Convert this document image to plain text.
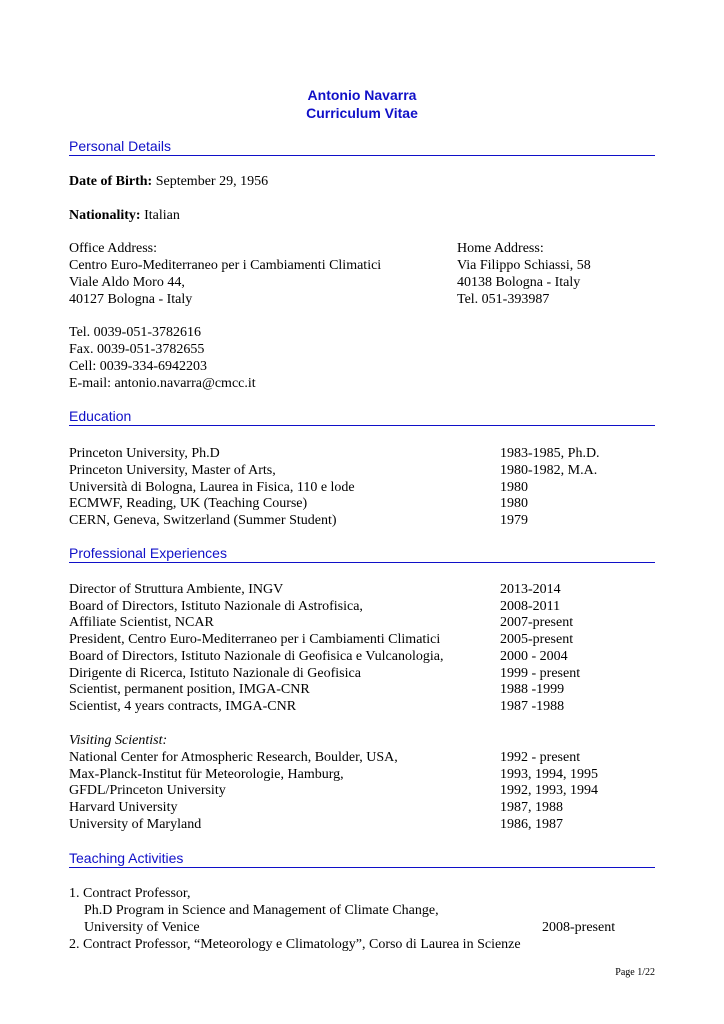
Antonio Navarra
Curriculum Vitae
Personal Details
Date of Birth: September 29, 1956
Nationality: Italian
Office Address:
Centro Euro-Mediterraneo per i Cambiamenti Climatici
Viale Aldo Moro 44,
40127 Bologna - Italy
Home Address:
Via Filippo Schiassi, 58
40138 Bologna - Italy
Tel. 051-393987
Tel. 0039-051-3782616
Fax. 0039-051-3782655
Cell: 0039-334-6942203
E-mail: antonio.navarra@cmcc.it
Education
Princeton University, Ph.D	1983-1985, Ph.D.
Princeton University, Master of Arts,	1980-1982, M.A.
Università di Bologna, Laurea in Fisica, 110 e lode	1980
ECMWF, Reading, UK (Teaching Course)	1980
CERN, Geneva, Switzerland (Summer Student)	1979
Professional Experiences
Director of Struttura Ambiente, INGV	2013-2014
Board of Directors, Istituto Nazionale di Astrofisica,	2008-2011
Affiliate Scientist, NCAR	2007-present
President, Centro Euro-Mediterraneo per i Cambiamenti Climatici	2005-present
Board of Directors, Istituto Nazionale di Geofisica e Vulcanologia,	2000 - 2004
Dirigente di Ricerca, Istituto Nazionale di Geofisica	1999 - present
Scientist, permanent position, IMGA-CNR	1988 -1999
Scientist, 4 years contracts, IMGA-CNR	1987 -1988
Visiting Scientist:
National Center for Atmospheric Research, Boulder, USA,	1992 - present
Max-Planck-Institut für Meteorologie, Hamburg,	1993, 1994, 1995
GFDL/Princeton University	1992, 1993, 1994
Harvard University	1987, 1988
University of Maryland	1986, 1987
Teaching Activities
1. Contract Professor,
Ph.D Program in Science and Management of Climate Change,
University of Venice	2008-present
2. Contract Professor, “Meteorology e Climatology”, Corso di Laurea in Scienze
Page 1/22
